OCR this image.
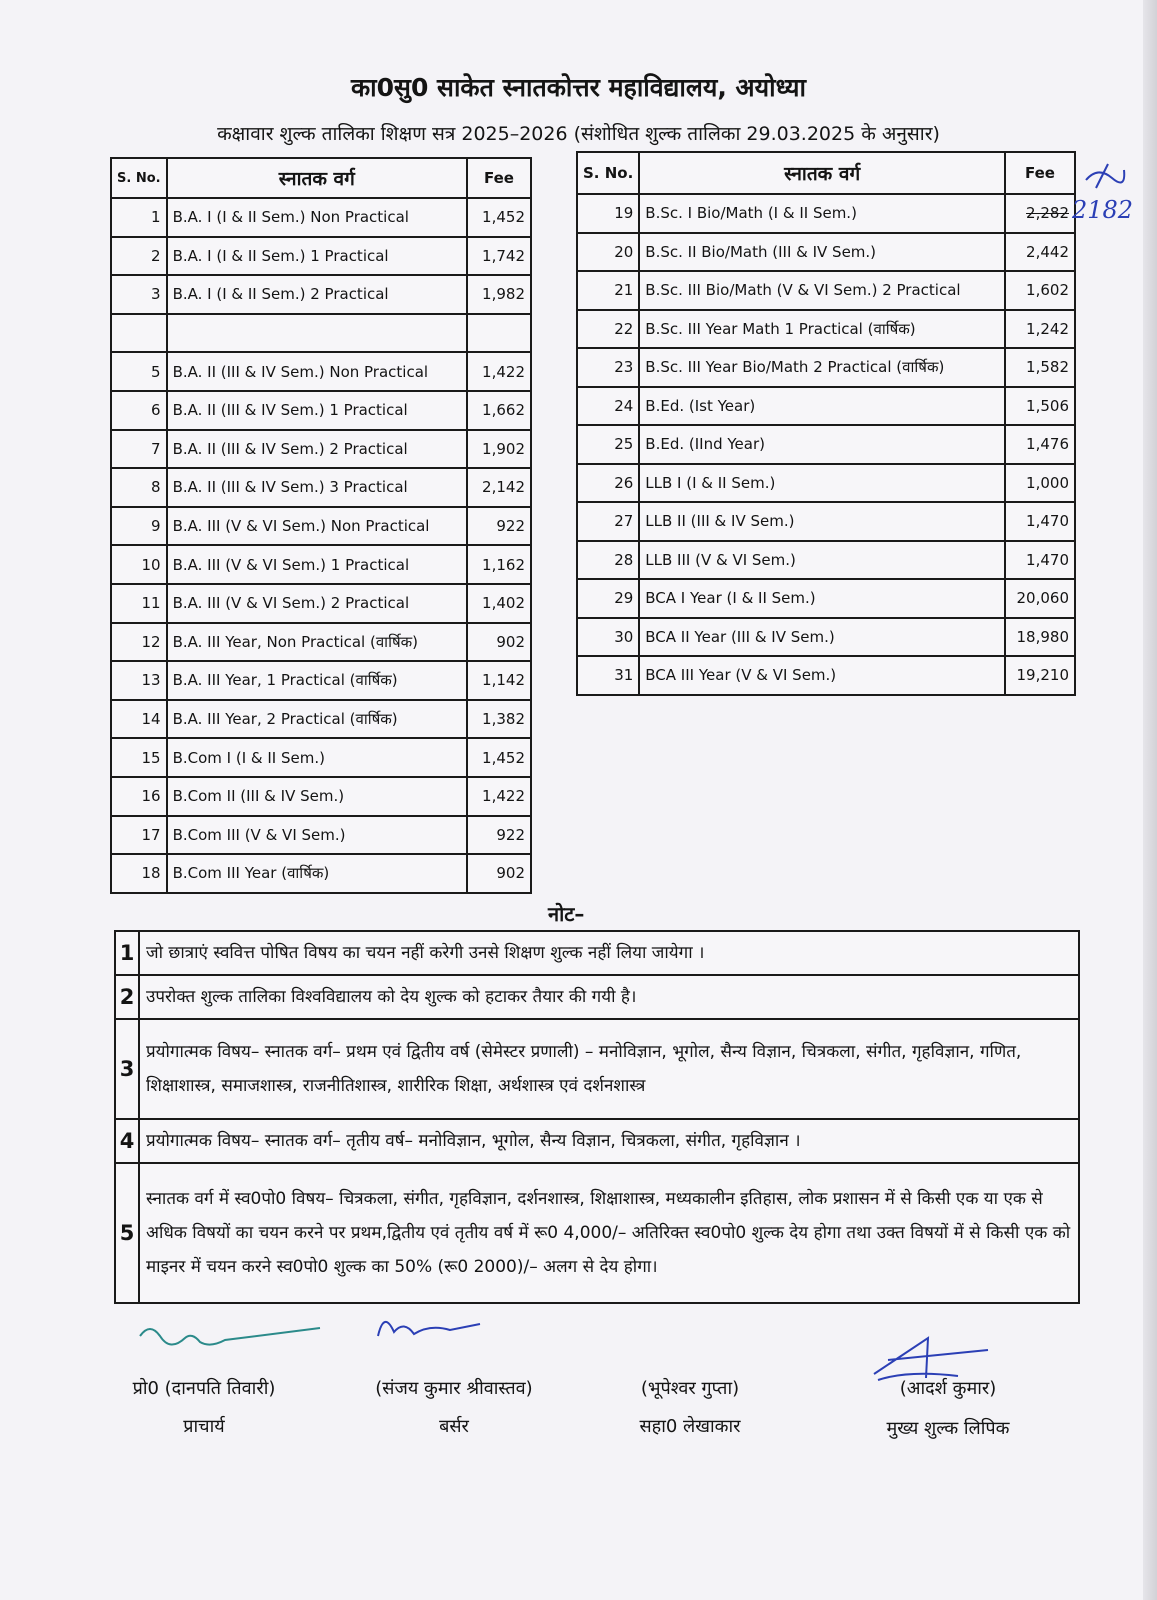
का0सु0 साकेत स्नातकोत्तर महाविद्यालय, अयोध्या
कक्षावार शुल्क तालिका शिक्षण सत्र 2025–2026 (संशोधित शुल्क तालिका 29.03.2025 के अनुसार)
S. No.	स्नातक वर्ग	Fee
1	B.A. I (I & II Sem.) Non Practical	1,452
2	B.A. I (I & II Sem.) 1 Practical	1,742
3	B.A. I (I & II Sem.) 2 Practical	1,982

5	B.A. II (III & IV Sem.) Non Practical	1,422
6	B.A. II (III & IV Sem.) 1 Practical	1,662
7	B.A. II (III & IV Sem.) 2 Practical	1,902
8	B.A. II (III & IV Sem.) 3 Practical	2,142
9	B.A. III (V & VI Sem.) Non Practical	922
10	B.A. III (V & VI Sem.) 1 Practical	1,162
11	B.A. III (V & VI Sem.) 2 Practical	1,402
12	B.A. III Year, Non Practical (वार्षिक)	902
13	B.A. III Year, 1 Practical (वार्षिक)	1,142
14	B.A. III Year, 2 Practical (वार्षिक)	1,382
15	B.Com I (I & II Sem.)	1,452
16	B.Com II (III & IV Sem.)	1,422
17	B.Com III (V & VI Sem.)	922
18	B.Com III Year (वार्षिक)	902
S. No.	स्नातक वर्ग	Fee
19	B.Sc. I Bio/Math (I & II Sem.)	2,282
20	B.Sc. II Bio/Math (III & IV Sem.)	2,442
21	B.Sc. III Bio/Math (V & VI Sem.) 2 Practical	1,602
22	B.Sc. III Year Math 1 Practical (वार्षिक)	1,242
23	B.Sc. III Year Bio/Math 2 Practical (वार्षिक)	1,582
24	B.Ed. (Ist Year)	1,506
25	B.Ed. (IInd Year)	1,476
26	LLB I (I & II Sem.)	1,000
27	LLB II (III & IV Sem.)	1,470
28	LLB III (V & VI Sem.)	1,470
29	BCA I Year (I & II Sem.)	20,060
30	BCA II Year (III & IV Sem.)	18,980
31	BCA III Year (V & VI Sem.)	19,210
2182
नोट–
1	जो छात्राएं स्ववित्त पोषित विषय का चयन नहीं करेगी उनसे शिक्षण शुल्क नहीं लिया जायेगा ।
2	उपरोक्त शुल्क तालिका विश्वविद्यालय को देय शुल्क को हटाकर तैयार की गयी है।
3	प्रयोगात्मक विषय– स्नातक वर्ग– प्रथम एवं द्वितीय वर्ष (सेमेस्टर प्रणाली) – मनोविज्ञान, भूगोल, सैन्य विज्ञान, चित्रकला, संगीत, गृहविज्ञान, गणित, शिक्षाशास्त्र, समाजशास्त्र, राजनीतिशास्त्र, शारीरिक शिक्षा, अर्थशास्त्र एवं दर्शनशास्त्र
4	प्रयोगात्मक विषय– स्नातक वर्ग– तृतीय वर्ष– मनोविज्ञान, भूगोल, सैन्य विज्ञान, चित्रकला, संगीत, गृहविज्ञान ।
5	स्नातक वर्ग में स्व0पो0 विषय– चित्रकला, संगीत, गृहविज्ञान, दर्शनशास्त्र, शिक्षाशास्त्र, मध्यकालीन इतिहास, लोक प्रशासन में से किसी एक या एक से अधिक विषयों का चयन करने पर प्रथम,द्वितीय एवं तृतीय वर्ष में रू0 4,000/– अतिरिक्त स्व0पो0 शुल्क देय होगा तथा उक्त विषयों में से किसी एक को माइनर में चयन करने स्व0पो0 शुल्क का 50% (रू0 2000)/– अलग से देय होगा।
प्रो0 (दानपति तिवारी)
प्राचार्य
(संजय कुमार श्रीवास्तव)
बर्सर
(भूपेश्वर गुप्ता)
सहा0 लेखाकार
(आदर्श कुमार)
मुख्य शुल्क लिपिक
